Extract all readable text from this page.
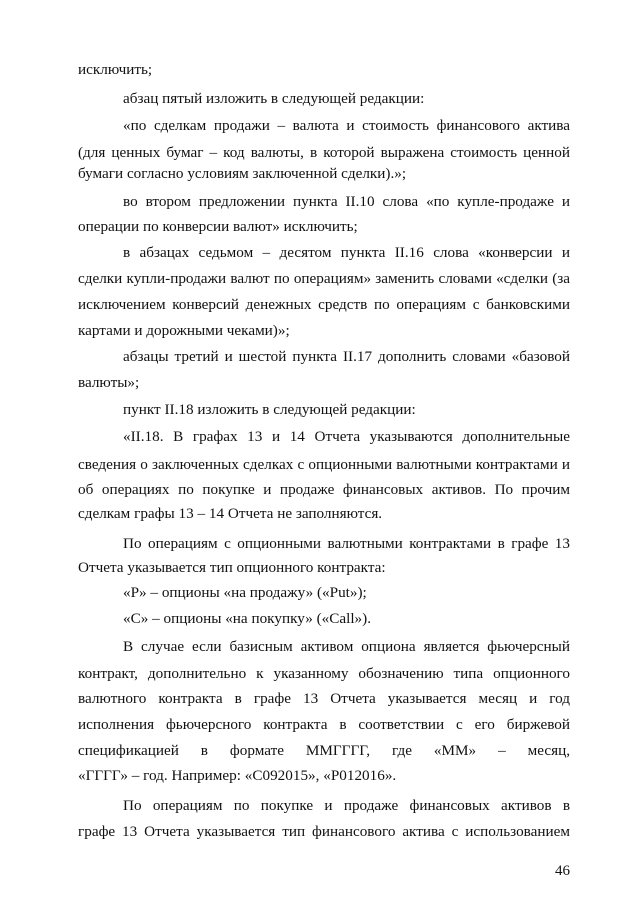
исключить;
абзац пятый изложить в следующей редакции:
«по сделкам продажи – валюта и стоимость финансового актива
(для ценных бумаг – код валюты, в которой выражена стоимость ценной
бумаги согласно условиям заключенной сделки).»;
во втором предложении пункта II.10 слова «по купле-продаже и
операции по конверсии валют» исключить;
в абзацах седьмом – десятом пункта II.16 слова «конверсии и
сделки купли-продажи валют по операциям» заменить словами «сделки (за
исключением конверсий денежных средств по операциям с банковскими
картами и дорожными чеками)»;
абзацы третий и шестой пункта II.17 дополнить словами «базовой
валюты»;
пункт II.18 изложить в следующей редакции:
«II.18. В графах 13 и 14 Отчета указываются дополнительные
сведения о заключенных сделках с опционными валютными контрактами и
об операциях по покупке и продаже финансовых активов. По прочим
сделкам графы 13 – 14 Отчета не заполняются.
По операциям с опционными валютными контрактами в графе 13
Отчета указывается тип опционного контракта:
«P» – опционы «на продажу» («Put»);
«C» – опционы «на покупку» («Call»).
В случае если базисным активом опциона является фьючерсный
контракт, дополнительно к указанному обозначению типа опционного
валютного контракта в графе 13 Отчета указывается месяц и год
исполнения фьючерсного контракта в соответствии с его биржевой
спецификацией в формате ММГГГГ, где «ММ» – месяц,
«ГГГГ» – год. Например: «C092015», «P012016».
По операциям по покупке и продаже финансовых активов в
графе 13 Отчета указывается тип финансового актива с использованием
46
